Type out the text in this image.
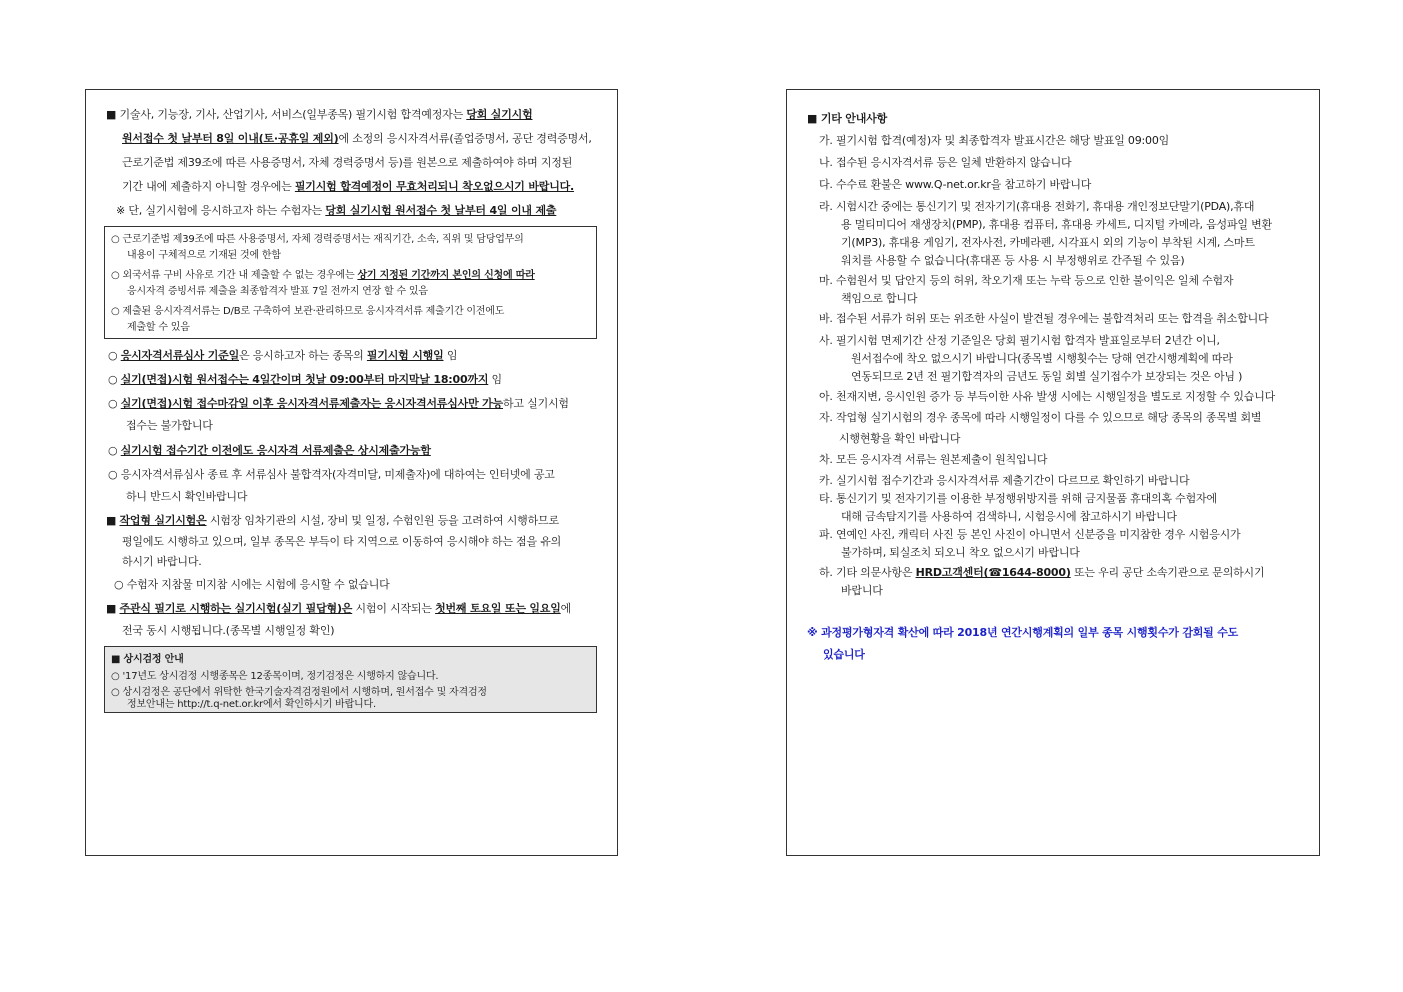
■ 기술사, 기능장, 기사, 산업기사, 서비스(일부종목) 필기시험 합격예정자는 당회 실기시험
원서접수 첫 날부터 8일 이내(토·공휴일 제외)에 소정의 응시자격서류(졸업증명서, 공단 경력증명서,
근로기준법 제39조에 따른 사용증명서, 자체 경력증명서 등)를 원본으로 제출하여야 하며 지정된
기간 내에 제출하지 아니할 경우에는 필기시험 합격예정이 무효처리되니 착오없으시기 바랍니다.
※ 단, 실기시험에 응시하고자 하는 수험자는 당회 실기시험 원서접수 첫 날부터 4일 이내 제출
○ 근로기준법 제39조에 따른 사용증명서, 자체 경력증명서는 재직기간, 소속, 직위 및 담당업무의
내용이 구체적으로 기재된 것에 한함
○ 외국서류 구비 사유로 기간 내 제출할 수 없는 경우에는 상기 지정된 기간까지 본인의 신청에 따라
응시자격 증빙서류 제출을 최종합격자 발표 7일 전까지 연장 할 수 있음
○ 제출된 응시자격서류는 D/B로 구축하여 보관·관리하므로 응시자격서류 제출기간 이전에도
제출할 수 있음
○ 응시자격서류심사 기준일은 응시하고자 하는 종목의 필기시험 시행일 임
○ 실기(면접)시험 원서접수는 4일간이며 첫날 09:00부터 마지막날 18:00까지 임
○ 실기(면접)시험 접수마감일 이후 응시자격서류제출자는 응시자격서류심사만 가능하고 실기시험
접수는 불가합니다
○ 실기시험 접수기간 이전에도 응시자격 서류제출은 상시제출가능함
○ 응시자격서류심사 종료 후 서류심사 불합격자(자격미달, 미제출자)에 대하여는 인터넷에 공고
하니 반드시 확인바랍니다
■ 작업형 실기시험은 시험장 임차기관의 시설, 장비 및 일정, 수험인원 등을 고려하여 시행하므로
평일에도 시행하고 있으며, 일부 종목은 부득이 타 지역으로 이동하여 응시해야 하는 점을 유의
하시기 바랍니다.
○ 수험자 지참물 미지참 시에는 시험에 응시할 수 없습니다
■ 주관식 필기로 시행하는 실기시험(실기 필답형)은 시험이 시작되는 첫번째 토요일 또는 일요일에
전국 동시 시행됩니다.(종목별 시행일정 확인)
■ 상시검정 안내
○ '17년도 상시검정 시행종목은 12종목이며, 정기검정은 시행하지 않습니다.
○ 상시검정은 공단에서 위탁한 한국기술자격검정원에서 시행하며, 원서접수 및 자격검정
정보안내는 http://t.q-net.or.kr에서 확인하시기 바랍니다.
■ 기타 안내사항
가. 필기시험 합격(예정)자 및 최종합격자 발표시간은 해당 발표일 09:00임
나. 접수된 응시자격서류 등은 일체 반환하지 않습니다
다. 수수료 환불은 www.Q-net.or.kr을 참고하기 바랍니다
라. 시험시간 중에는 통신기기 및 전자기기(휴대용 전화기, 휴대용 개인정보단말기(PDA),휴대
용 멀티미디어 재생장치(PMP), 휴대용 컴퓨터, 휴대용 카세트, 디지털 카메라, 음성파일 변환
기(MP3), 휴대용 게임기, 전자사전, 카메라펜, 시각표시 외의 기능이 부착된 시계, 스마트
워치를 사용할 수 없습니다(휴대폰 등 사용 시 부정행위로 간주될 수 있음)
마. 수험원서 및 답안지 등의 허위, 착오기재 또는 누락 등으로 인한 불이익은 일체 수험자
책임으로 합니다
바. 접수된 서류가 허위 또는 위조한 사실이 발견될 경우에는 불합격처리 또는 합격을 취소합니다
사. 필기시험 면제기간 산정 기준일은 당회 필기시험 합격자 발표일로부터 2년간 이니,
원서접수에 착오 없으시기 바랍니다(종목별 시행횟수는 당해 연간시행계획에 따라
연동되므로 2년 전 필기합격자의 금년도 동일 회별 실기접수가 보장되는 것은 아님 )
아. 천재지변, 응시인원 증가 등 부득이한 사유 발생 시에는 시행일정을 별도로 지정할 수 있습니다
자. 작업형 실기시험의 경우 종목에 따라 시행일정이 다를 수 있으므로 해당 종목의 종목별 회별
시행현황을 확인 바랍니다
차. 모든 응시자격 서류는 원본제출이 원칙입니다
카. 실기시험 접수기간과 응시자격서류 제출기간이 다르므로 확인하기 바랍니다
타. 통신기기 및 전자기기를 이용한 부정행위방지를 위해 금지물품 휴대의혹 수험자에
대해 금속탐지기를 사용하여 검색하니, 시험응시에 참고하시기 바랍니다
파. 연예인 사진, 캐릭터 사진 등 본인 사진이 아니면서 신분증을 미지참한 경우 시험응시가
불가하며, 퇴실조치 되오니 착오 없으시기 바랍니다
하. 기타 의문사항은 HRD고객센터(☎1644-8000) 또는 우리 공단 소속기관으로 문의하시기
바랍니다
※ 과정평가형자격 확산에 따라 2018년 연간시행계획의 일부 종목 시행횟수가 감회될 수도
있습니다
